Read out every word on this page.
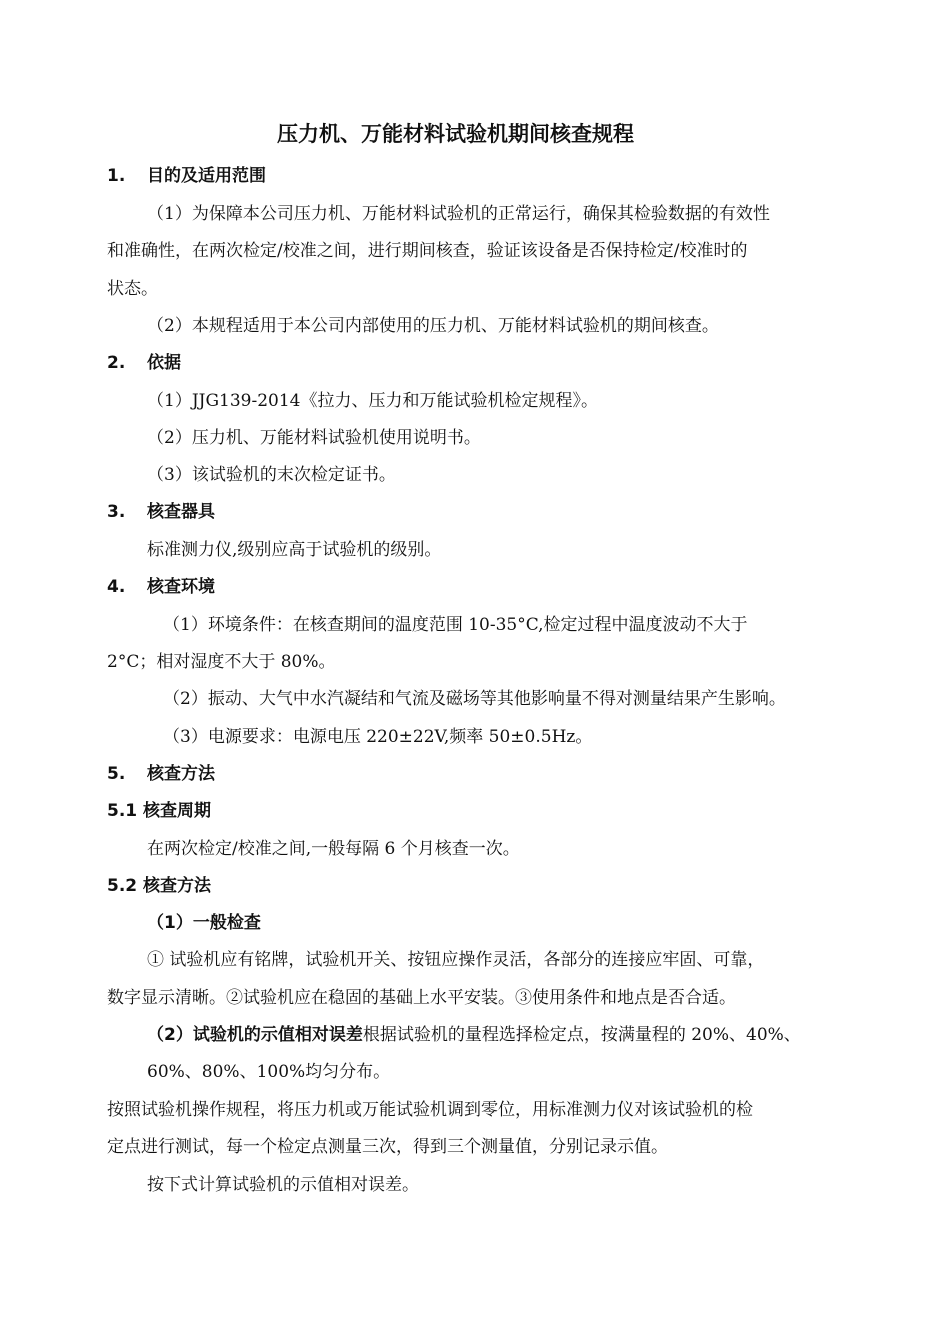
压力机、万能材料试验机期间核查规程
1. 目的及适用范围
（1）为保障本公司压力机、万能材料试验机的正常运行，确保其检验数据的有效性
和准确性，在两次检定/校准之间，进行期间核查，验证该设备是否保持检定/校准时的
状态。
（2）本规程适用于本公司内部使用的压力机、万能材料试验机的期间核查。
2. 依据
（1）JJG139-2014《拉力、压力和万能试验机检定规程》。
（2）压力机、万能材料试验机使用说明书。
（3）该试验机的末次检定证书。
3. 核查器具
标准测力仪,级别应高于试验机的级别。
4. 核查环境
（1）环境条件：在核查期间的温度范围 10-35°C,检定过程中温度波动不大于
2°C；相对湿度不大于 80%。
（2）振动、大气中水汽凝结和气流及磁场等其他影响量不得对测量结果产生影响。
（3）电源要求：电源电压 220±22V,频率 50±0.5Hz。
5. 核查方法
5.1 核查周期
在两次检定/校准之间,一般每隔 6 个月核查一次。
5.2 核查方法
（1）一般检查
① 试验机应有铭牌，试验机开关、按钮应操作灵活，各部分的连接应牢固、可靠，
数字显示清晰。②试验机应在稳固的基础上水平安装。③使用条件和地点是否合适。
（2）试验机的示值相对误差根据试验机的量程选择检定点，按满量程的 20%、40%、
60%、80%、100%均匀分布。
按照试验机操作规程，将压力机或万能试验机调到零位，用标准测力仪对该试验机的检
定点进行测试，每一个检定点测量三次，得到三个测量值，分别记录示值。
按下式计算试验机的示值相对误差。
